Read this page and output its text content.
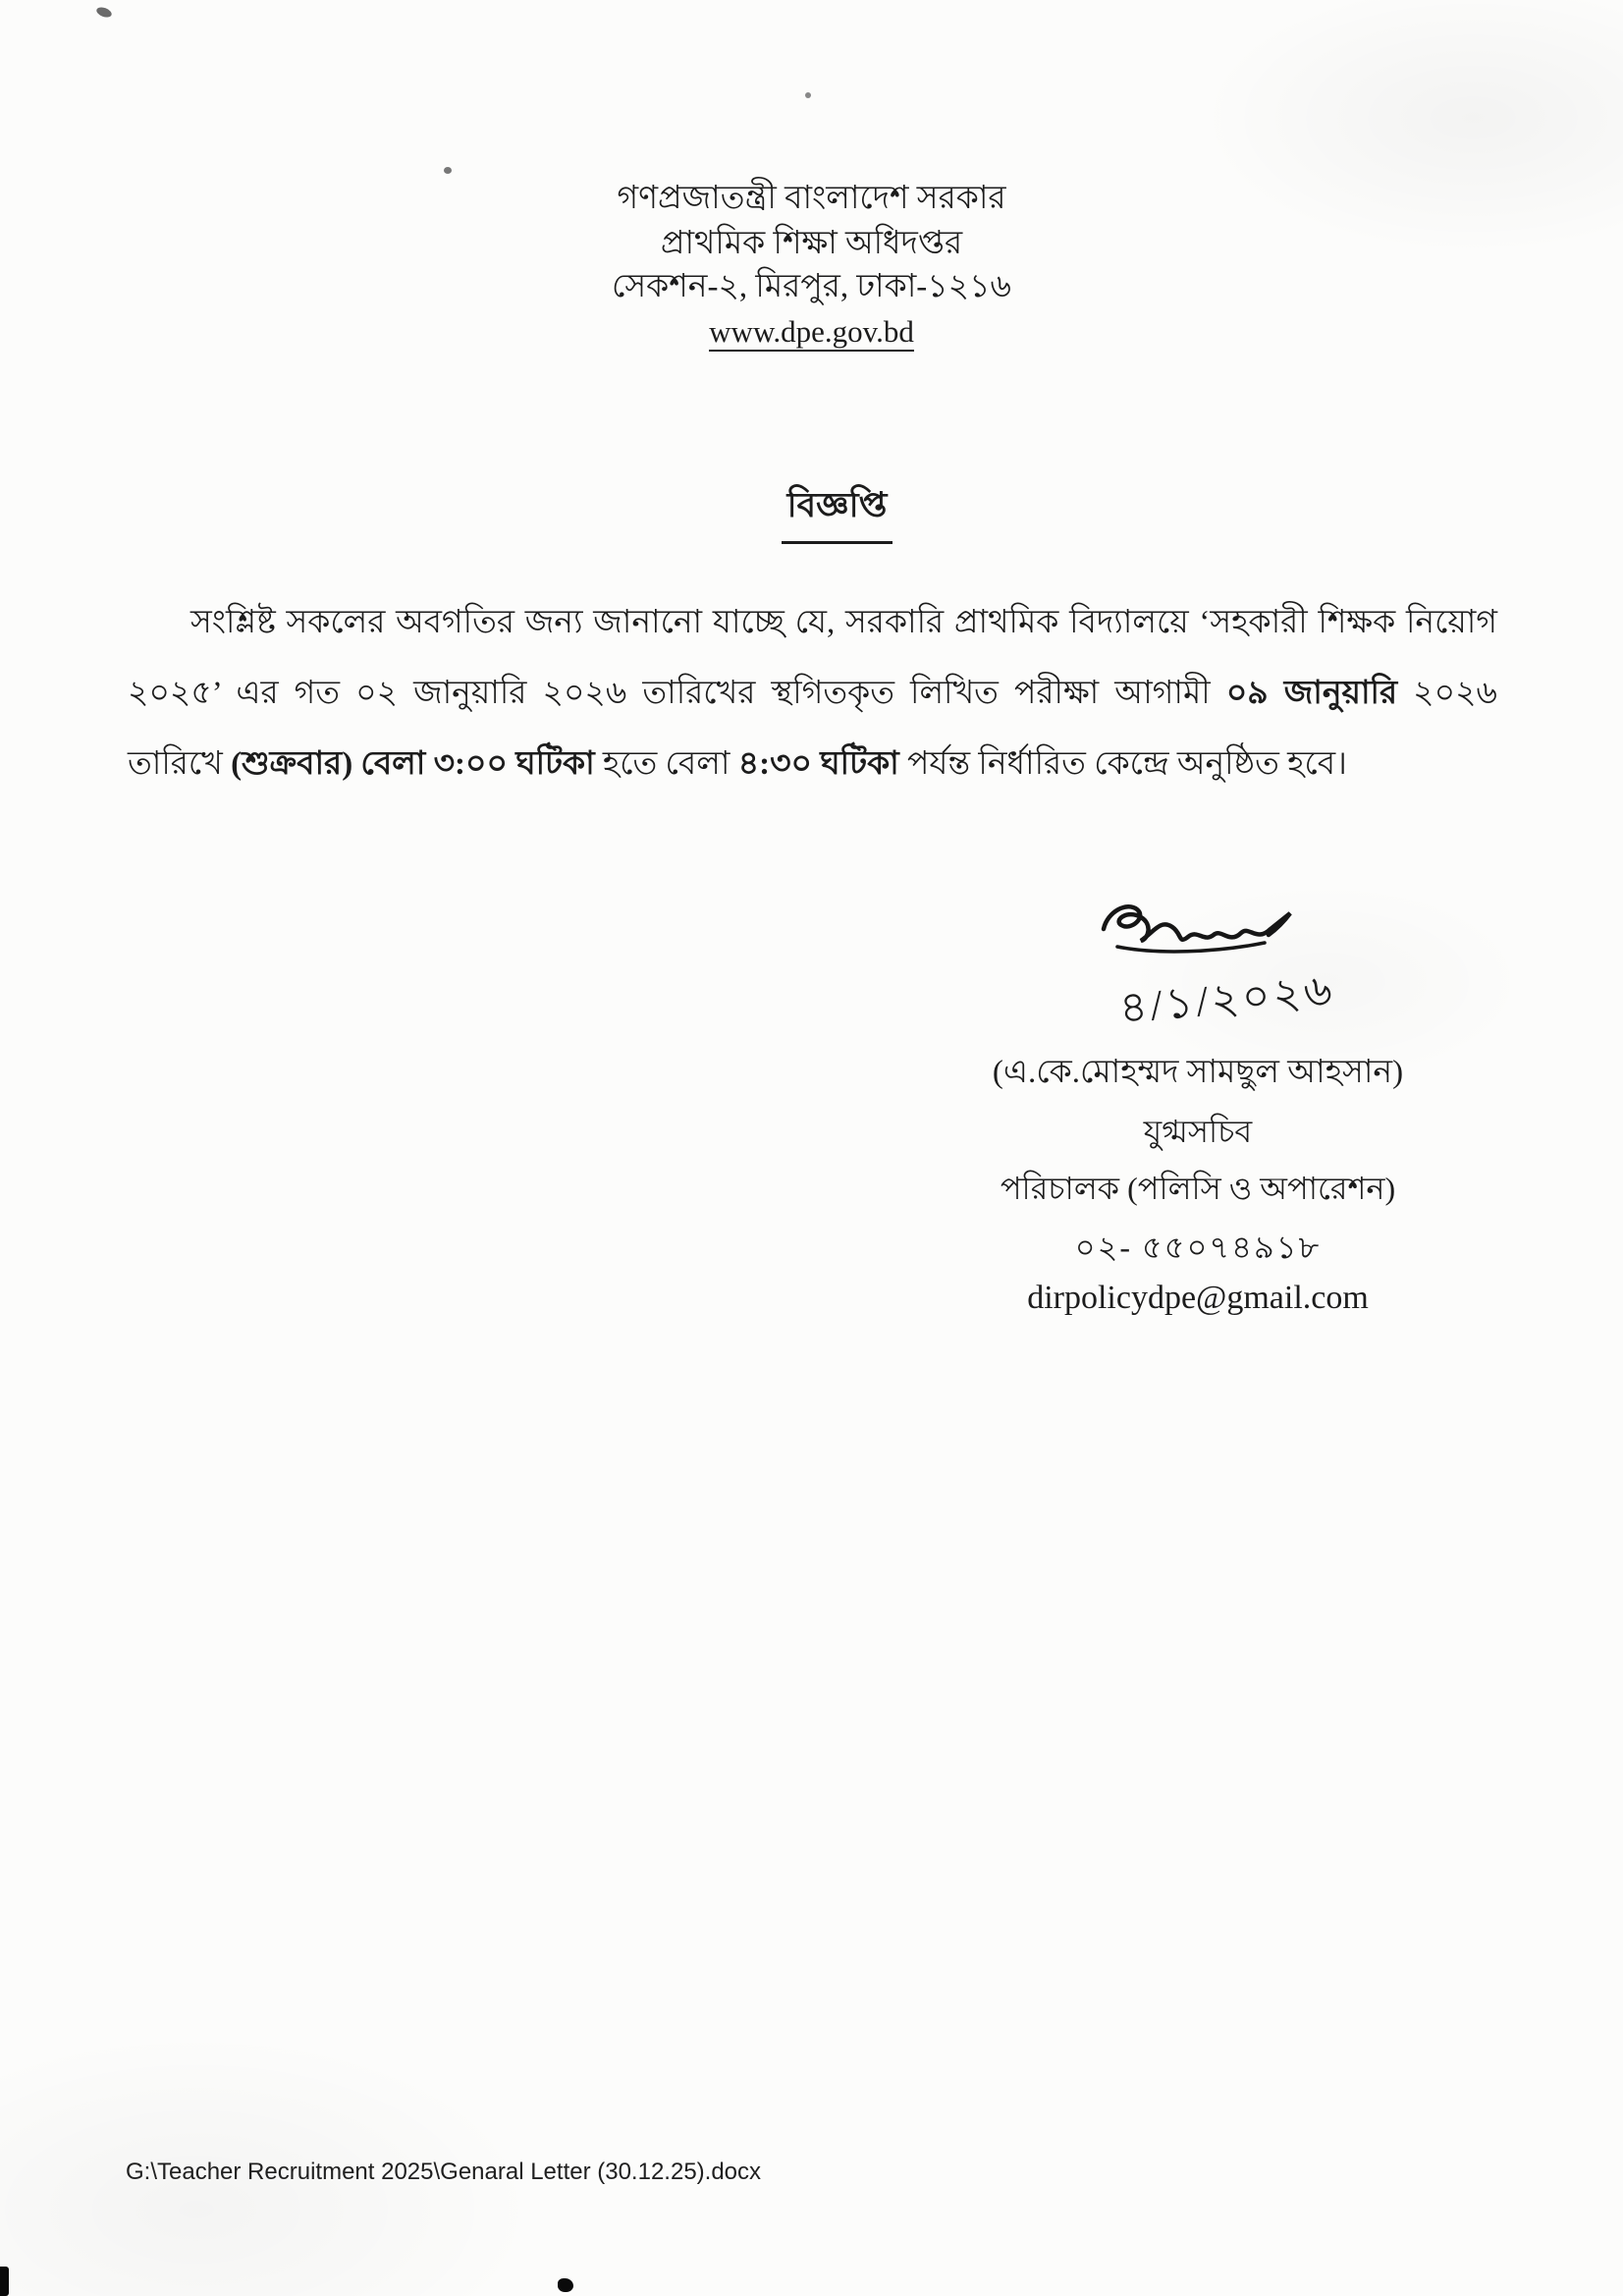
গণপ্রজাতন্ত্রী বাংলাদেশ সরকার
প্রাথমিক শিক্ষা অধিদপ্তর
সেকশন-২, মিরপুর, ঢাকা-১২১৬
www.dpe.gov.bd
বিজ্ঞপ্তি
সংশ্লিষ্ট সকলের অবগতির জন্য জানানো যাচ্ছে যে, সরকারি প্রাথমিক বিদ্যালয়ে ‘সহকারী শিক্ষক নিয়োগ ২০২৫’ এর গত ০২ জানুয়ারি ২০২৬ তারিখের স্থগিতকৃত লিখিত পরীক্ষা আগামী ০৯ জানুয়ারি ২০২৬ তারিখে (শুক্রবার) বেলা ৩:০০ ঘটিকা হতে বেলা ৪:৩০ ঘটিকা পর্যন্ত নির্ধারিত কেন্দ্রে অনুষ্ঠিত হবে।
৪/১/২০২৬
(এ.কে.মোহম্মদ সামছুল আহসান)
যুগ্মসচিব
পরিচালক (পলিসি ও অপারেশন)
০২- ৫৫০৭৪৯১৮
dirpolicydpe@gmail.com
G:\Teacher Recruitment 2025\Genaral Letter (30.12.25).docx
